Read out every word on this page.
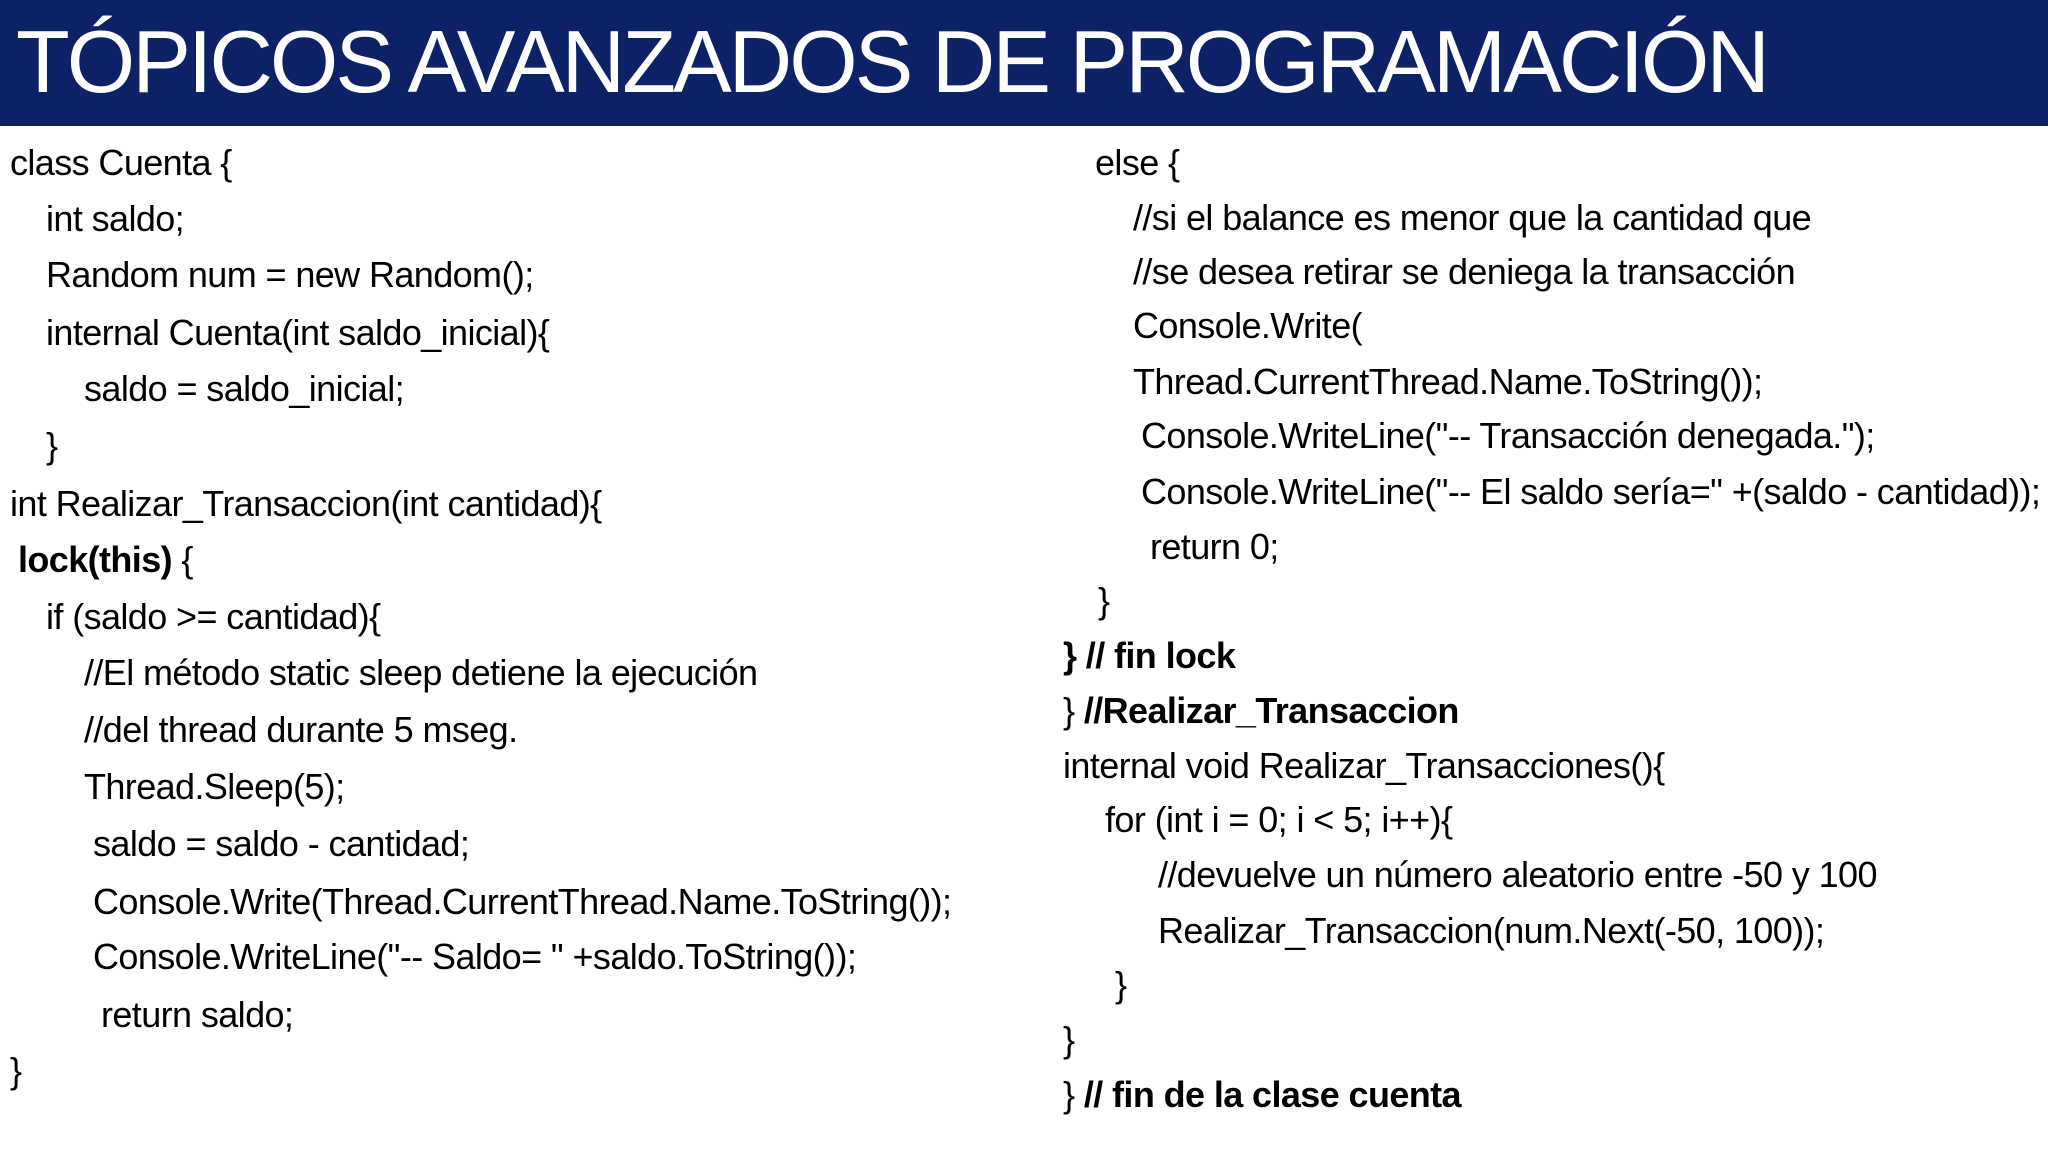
TÓPICOS AVANZADOS DE PROGRAMACIÓN
class Cuenta {
int saldo;
Random num = new Random();
internal Cuenta(int saldo_inicial){
saldo = saldo_inicial;
}
int Realizar_Transaccion(int cantidad){
lock(this) {
if (saldo >= cantidad){
//El método static sleep detiene la ejecución
//del thread durante 5 mseg.
Thread.Sleep(5);
saldo = saldo - cantidad;
Console.Write(Thread.CurrentThread.Name.ToString());
Console.WriteLine("-- Saldo= " +saldo.ToString());
return saldo;
}
else {
//si el balance es menor que la cantidad que
//se desea retirar se deniega la transacción
Console.Write(
Thread.CurrentThread.Name.ToString());
Console.WriteLine("-- Transacción denegada.");
Console.WriteLine("-- El saldo sería=" +(saldo - cantidad));
return 0;
}
} // fin lock
} //Realizar_Transaccion
internal void Realizar_Transacciones(){
for (int i = 0; i < 5; i++){
//devuelve un número aleatorio entre -50 y 100
Realizar_Transaccion(num.Next(-50, 100));
}
}
} // fin de la clase cuenta
